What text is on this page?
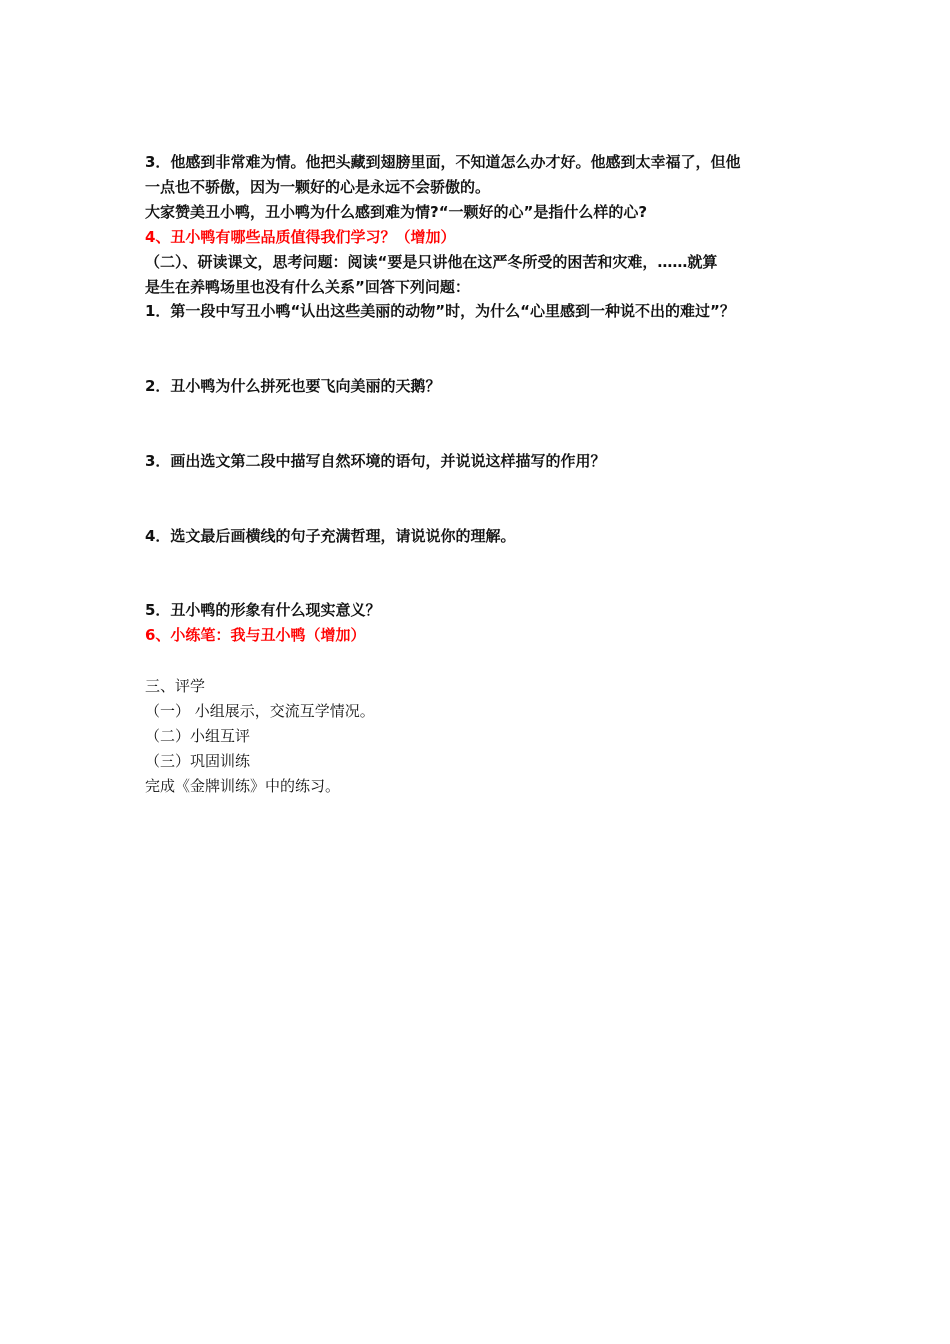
3．他感到非常难为情。他把头藏到翅膀里面，不知道怎么办才好。他感到太幸福了，但他
一点也不骄傲，因为一颗好的心是永远不会骄傲的。
大家赞美丑小鸭，丑小鸭为什么感到难为情?“一颗好的心”是指什么样的心?
4、丑小鸭有哪些品质值得我们学习？（增加）
（二）、研读课文，思考问题：阅读“要是只讲他在这严冬所受的困苦和灾难，……就算
是生在养鸭场里也没有什么关系”回答下列问题：
1．第一段中写丑小鸭“认出这些美丽的动物”时，为什么“心里感到一种说不出的难过”？
2．丑小鸭为什么拼死也要飞向美丽的天鹅？
3．画出选文第二段中描写自然环境的语句，并说说这样描写的作用？
4．选文最后画横线的句子充满哲理，请说说你的理解。
5．丑小鸭的形象有什么现实意义？
6、小练笔：我与丑小鸭（增加）
三、评学
（一） 小组展示，交流互学情况。
（二）小组互评
（三）巩固训练
完成《金牌训练》中的练习。
